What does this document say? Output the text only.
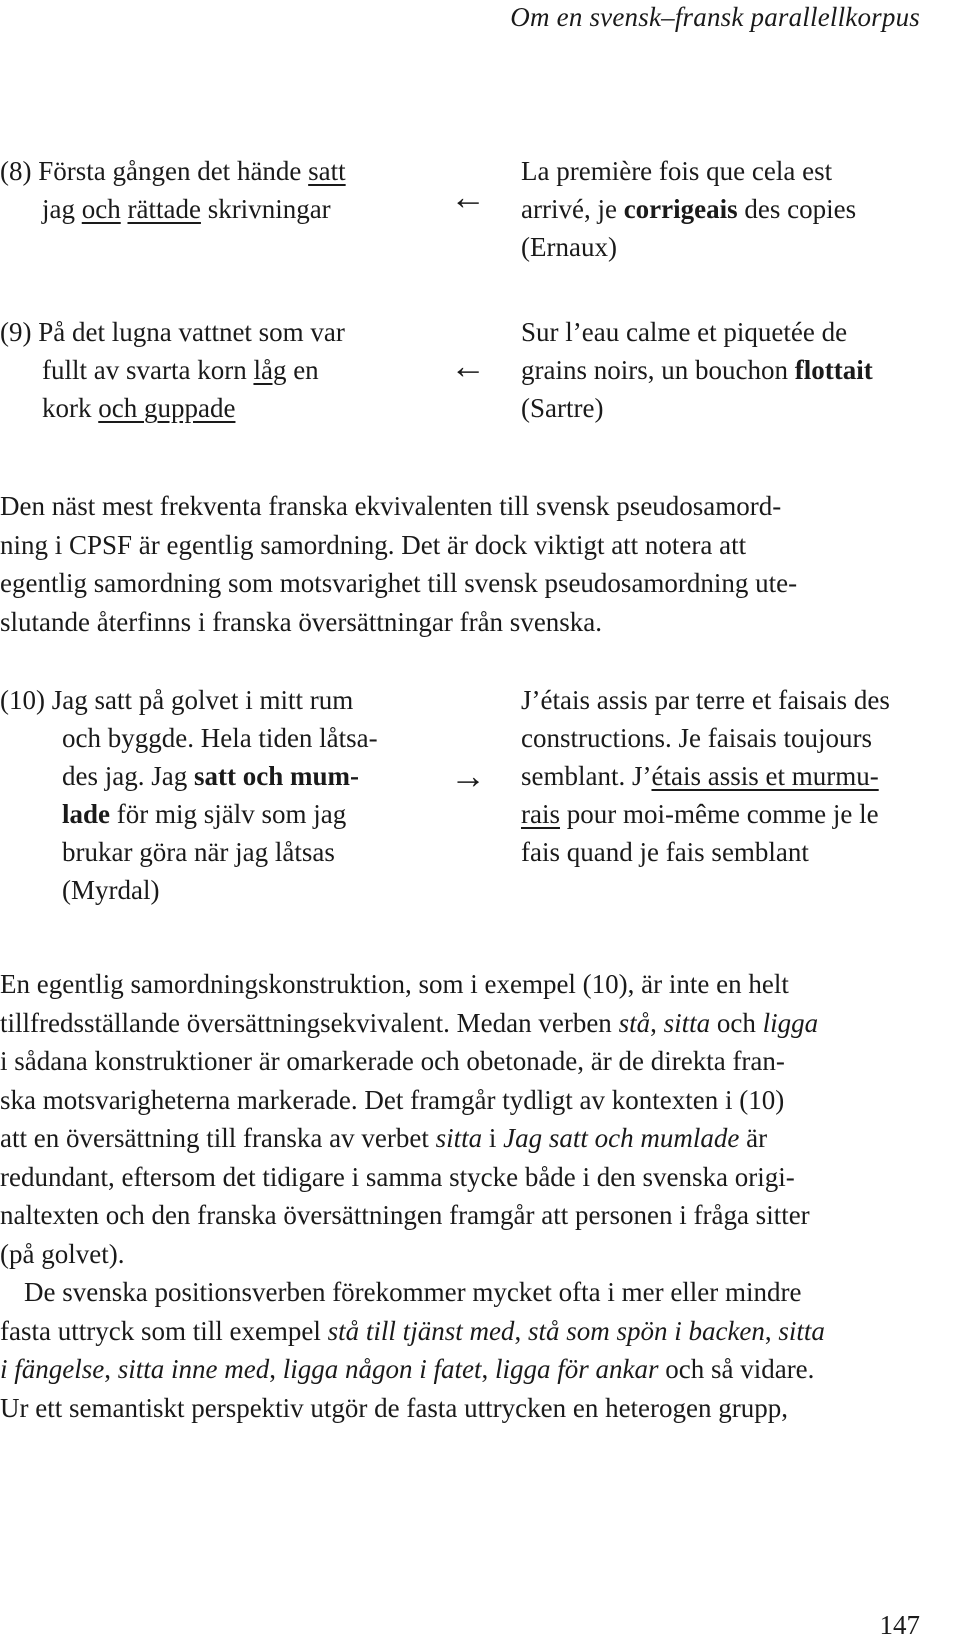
Om en svensk–fransk parallellkorpus
(8) Första gången det hände satt
jag och rättade skrivningar	←
La première fois que cela est
arrivé, je corrigeais des copies
(Ernaux)
(9) På det lugna vattnet som var
fullt av svarta korn låg en
kork och guppade
←
Sur l’eau calme et piquetée de
grains noirs, un bouchon flottait
(Sartre)
Den näst mest frekventa franska ekvivalenten till svensk pseudosamord-
ning i CPSF är egentlig samordning. Det är dock viktigt att notera att
egentlig samordning som motsvarighet till svensk pseudosamordning ute-
slutande återfinns i franska översättningar från svenska.
(10) Jag satt på golvet i mitt rum
och byggde. Hela tiden låtsa-
des jag. Jag satt och mum-
lade för mig själv som jag
brukar göra när jag låtsas
(Myrdal)
→
J’étais assis par terre et faisais des
constructions. Je faisais toujours
semblant. J’étais assis et murmu-
rais pour moi-même comme je le
fais quand je fais semblant
En egentlig samordningskonstruktion, som i exempel (10), är inte en helt
tillfredsställande översättningsekvivalent. Medan verben stå, sitta och ligga
i sådana konstruktioner är omarkerade och obetonade, är de direkta fran-
ska motsvarigheterna markerade. Det framgår tydligt av kontexten i (10)
att en översättning till franska av verbet sitta i Jag satt och mumlade är
redundant, eftersom det tidigare i samma stycke både i den svenska origi-
naltexten och den franska översättningen framgår att personen i fråga sitter
(på golvet).
De svenska positionsverben förekommer mycket ofta i mer eller mindre
fasta uttryck som till exempel stå till tjänst med, stå som spön i backen, sitta
i fängelse, sitta inne med, ligga någon i fatet, ligga för ankar och så vidare.
Ur ett semantiskt perspektiv utgör de fasta uttrycken en heterogen grupp,
147
